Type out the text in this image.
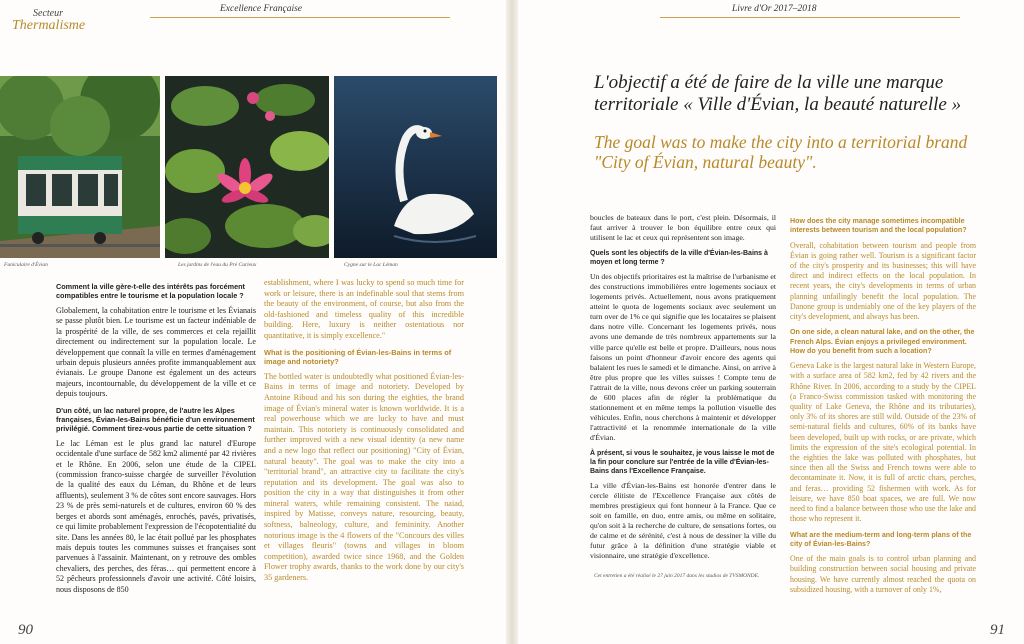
Secteur
Thermalisme
Excellence Française	Livre d'Or 2017–2018
Funiculaire d'Évian	Les jardins de l'eau du Pré Curieux	Cygne sur le Lac Léman

Comment la ville gère-t-elle des intérêts pas forcément compatibles entre le tourisme et la population locale ?

Globalement, la cohabitation entre le tourisme et les Évianais se passe plutôt bien. Le tourisme est un facteur indéniable de la prospérité de la ville, de ses commerces et cela rejaillit directement ou indirectement sur la population locale. Le développement que connaît la ville en termes d'aménagement urbain depuis plusieurs années profite immanquablement aux évianais. Le groupe Danone est également un des acteurs majeurs, incontournable, du développement de la ville et ce depuis toujours.

D'un côté, un lac naturel propre, de l'autre les Alpes françaises, Évian-les-Bains bénéficie d'un environnement privilégié. Comment tirez-vous partie de cette situation ?

Le lac Léman est le plus grand lac naturel d'Europe occidentale d'une surface de 582 km2 alimenté par 42 rivières et le Rhône. En 2006, selon une étude de la CIPEL (commission franco-suisse chargée de surveiller l'évolution de la qualité des eaux du Léman, du Rhône et de leurs affluents), seulement 3 % de côtes sont encore sauvages. Hors 23 % de près semi-naturels et de cultures, environ 60 % des berges et abords sont aménagés, enrochés, pavés, privatisés, ce qui limite probablement l'expression de l'écopotentialité du site. Dans les années 80, le lac était pollué par les phosphates mais depuis toutes les communes suisses et françaises sont parvenues à l'assainir. Maintenant, on y retrouve des ombles chevaliers, des perches, des féras… qui permettent encore à 52 pêcheurs professionnels d'avoir une activité. Côté loisirs, nous disposons de 850

establishment, where I was lucky to spend so much time for work or leisure, there is an indefinable soul that stems from the beauty of the environment, of course, but also from the old-fashioned and timeless quality of this incredible building. Here, luxury is neither ostentatious nor quantitative, it is simply excellence."

What is the positioning of Évian-les-Bains in terms of image and notoriety?

The bottled water is undoubtedly what positioned Évian-les-Bains in terms of image and notoriety. Developed by Antoine Riboud and his son during the eighties, the brand image of Évian's mineral water is known worldwide. It is a real powerhouse which we are lucky to have and must maintain. This notoriety is continuously consolidated and further improved with a new visual identity (a new name and a new logo that reflect our positioning) "City of Évian, natural beauty". The goal was to make the city into a "territorial brand", an attractive city to facilitate the city's reputation and its development. The goal was also to position the city in a way that distinguishes it from other mineral waters, while remaining consistent. The naiad, inspired by Matisse, conveys nature, resourcing, beauty, softness, balneology, culture, and femininity. Another notorious image is the 4 flowers of the "Concours des villes et villages fleuris" (towns and villages in bloom competition), awarded twice since 1968, and the Golden Flower trophy awards, thanks to the work done by our city's 35 gardeners.

L'objectif a été de faire de la ville une marque territoriale « Ville d'Évian, la beauté naturelle »
The goal was to make the city into a territorial brand "City of Évian, natural beauty".

boucles de bateaux dans le port, c'est plein. Désormais, il faut arriver à trouver le bon équilibre entre ceux qui utilisent le lac et ceux qui représentent son image.

Quels sont les objectifs de la ville d'Évian-les-Bains à moyen et long terme ?

Un des objectifs prioritaires est la maîtrise de l'urbanisme et des constructions immobilières entre logements sociaux et logements privés. Actuellement, nous avons pratiquement atteint le quota de logements sociaux avec seulement un turn over de 1% ce qui signifie que les locataires se plaisent dans notre ville. Concernant les logements privés, nous avons une demande de très nombreux appartements sur la ville parce qu'elle est belle et propre. D'ailleurs, nous nous faisons un point d'honneur d'avoir encore des agents qui balaient les rues le samedi et le dimanche. Ainsi, on arrive à être plus propre que les villes suisses ! Compte tenu de l'attrait de la ville, nous devons créer un parking souterrain de 600 places afin de régler la problématique du stationnement et en même temps la pollution visuelle des véhicules. Enfin, nous cherchons à maintenir et développer l'attractivité et la renommée internationale de la ville d'Évian.

À présent, si vous le souhaitez, je vous laisse le mot de la fin pour conclure sur l'entrée de la ville d'Évian-les-Bains dans l'Excellence Française.

La ville d'Évian-les-Bains est honorée d'entrer dans le cercle élitiste de l'Excellence Française aux côtés de membres prestigieux qui font honneur à la France. Que ce soit en famille, en duo, entre amis, ou même en solitaire, qu'on soit à la recherche de culture, de sensations fortes, ou de calme et de sérénité, c'est à nous de dessiner la ville du futur grâce à la définition d'une stratégie viable et visionnaire, une stratégie d'excellence.

Cet entretien a été réalisé le 27 juin 2017 dans les studios de TVSMONDE.

How does the city manage sometimes incompatible interests between tourism and the local population?

Overall, cohabitation between tourism and people from Évian is going rather well. Tourism is a significant factor of the city's prosperity and its businesses; this will have direct and indirect effects on the local population. In recent years, the city's developments in terms of urban planning unfailingly benefit the local population. The Danone group is undeniably one of the key players of the city's development, and always has been.

On one side, a clean natural lake, and on the other, the French Alps. Évian enjoys a privileged environment. How do you benefit from such a location?

Geneva Lake is the largest natural lake in Western Europe, with a surface area of 582 km2, fed by 42 rivers and the Rhône River. In 2006, according to a study by the CIPEL (a Franco-Swiss commission tasked with monitoring the quality of Lake Geneva, the Rhône and its tributaries), only 3% of its shores are still wild. Outside of the 23% of semi-natural fields and cultures, 60% of its banks have been developed, built up with rocks, or are private, which limits the expression of the site's ecological potential. In the eighties the lake was polluted with phosphates, but since then all the Swiss and French towns were able to decontaminate it. Now, it is full of arctic chars, perches, and feras… providing 52 fishermen with work. As for leisure, we have 850 boat spaces, we are full. We now need to find a balance between those who use the lake and those who represent it.

What are the medium-term and long-term plans of the city of Évian-les-Bains?

One of the main goals is to control urban planning and building construction between social housing and private housing. We have currently almost reached the quota on subsidized housing, with a turnover of only 1%,

90	91
